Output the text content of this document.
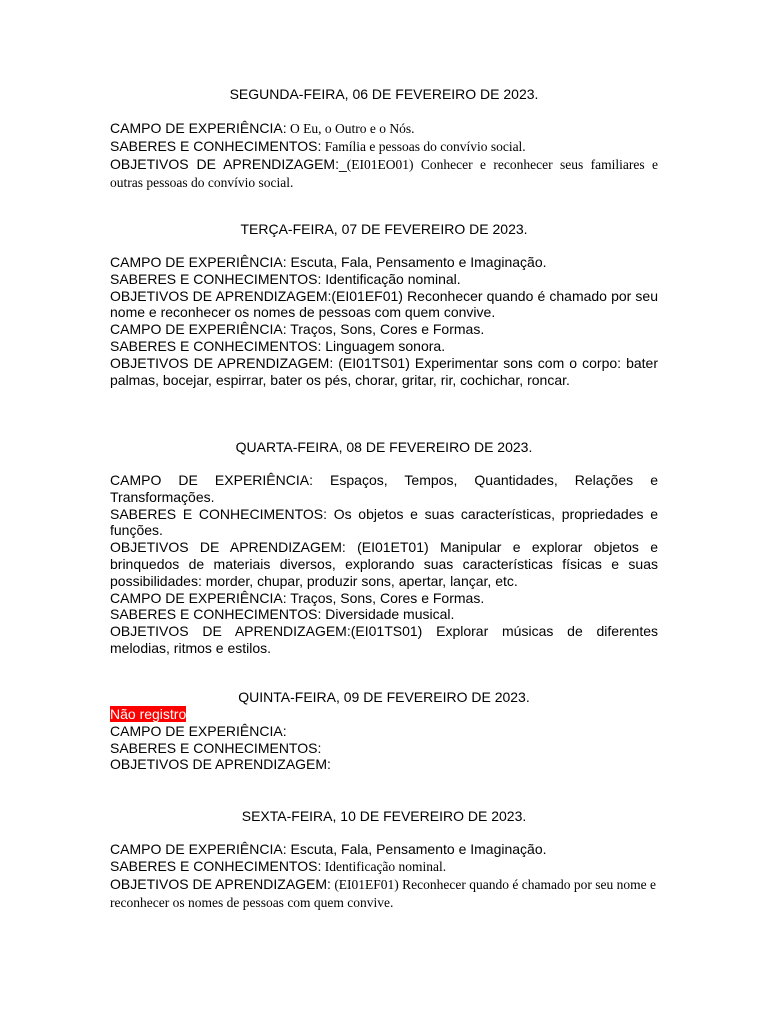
SEGUNDA-FEIRA, 06 DE FEVEREIRO DE 2023.
CAMPO DE EXPERIÊNCIA: O Eu, o Outro e o Nós.
SABERES E CONHECIMENTOS: Família e pessoas do convívio social.
OBJETIVOS DE APRENDIZAGEM:_(EI01EO01) Conhecer e reconhecer seus familiares e outras pessoas do convívio social.
TERÇA-FEIRA, 07 DE FEVEREIRO DE 2023.
CAMPO DE EXPERIÊNCIA: Escuta, Fala, Pensamento e Imaginação.
SABERES E CONHECIMENTOS: Identificação nominal.
OBJETIVOS DE APRENDIZAGEM:(EI01EF01) Reconhecer quando é chamado por seu nome e reconhecer os nomes de pessoas com quem convive.
CAMPO DE EXPERIÊNCIA: Traços, Sons, Cores e Formas.
SABERES E CONHECIMENTOS: Linguagem sonora.
OBJETIVOS DE APRENDIZAGEM: (EI01TS01) Experimentar sons com o corpo: bater palmas, bocejar, espirrar, bater os pés, chorar, gritar, rir, cochichar, roncar.
QUARTA-FEIRA, 08 DE FEVEREIRO DE 2023.
CAMPO DE EXPERIÊNCIA: Espaços, Tempos, Quantidades, Relações e Transformações.
SABERES E CONHECIMENTOS: Os objetos e suas características, propriedades e funções.
OBJETIVOS DE APRENDIZAGEM: (EI01ET01) Manipular e explorar objetos e brinquedos de materiais diversos, explorando suas características físicas e suas possibilidades: morder, chupar, produzir sons, apertar, lançar, etc.
CAMPO DE EXPERIÊNCIA: Traços, Sons, Cores e Formas.
SABERES E CONHECIMENTOS: Diversidade musical.
OBJETIVOS DE APRENDIZAGEM:(EI01TS01) Explorar músicas de diferentes melodias, ritmos e estilos.
QUINTA-FEIRA, 09 DE FEVEREIRO DE 2023.
Não registro
CAMPO DE EXPERIÊNCIA:
SABERES E CONHECIMENTOS:
OBJETIVOS DE APRENDIZAGEM:
SEXTA-FEIRA, 10 DE FEVEREIRO DE 2023.
CAMPO DE EXPERIÊNCIA: Escuta, Fala, Pensamento e Imaginação.
SABERES E CONHECIMENTOS: Identificação nominal.
OBJETIVOS DE APRENDIZAGEM: (EI01EF01) Reconhecer quando é chamado por seu nome e reconhecer os nomes de pessoas com quem convive.
